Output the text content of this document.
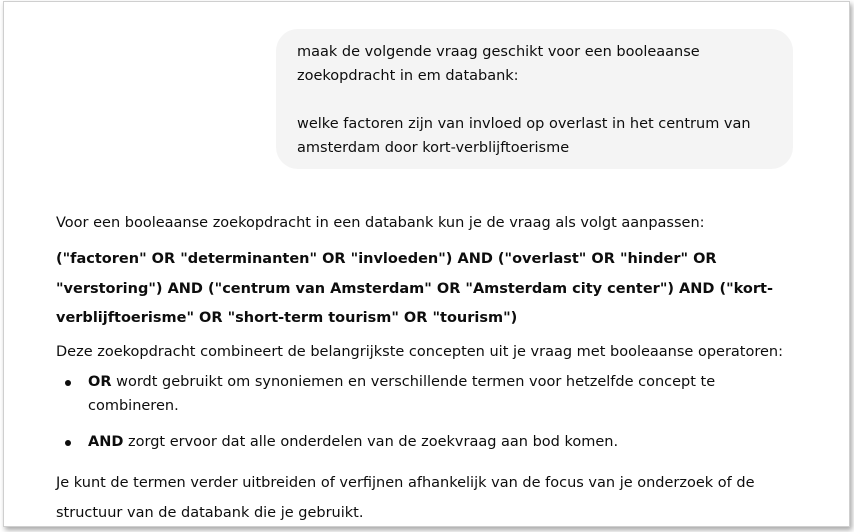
maak de volgende vraag geschikt voor een booleaanse zoekopdracht in em databank:

welke factoren zijn van invloed op overlast in het centrum van amsterdam door kort-verblijftoerisme

Voor een booleaanse zoekopdracht in een databank kun je de vraag als volgt aanpassen:

("factoren" OR "determinanten" OR "invloeden") AND ("overlast" OR "hinder" OR "verstoring") AND ("centrum van Amsterdam" OR "Amsterdam city center") AND ("kort-verblijftoerisme" OR "short-term tourism" OR "tourism")

Deze zoekopdracht combineert de belangrijkste concepten uit je vraag met booleaanse operatoren:

OR wordt gebruikt om synoniemen en verschillende termen voor hetzelfde concept te combineren.
AND zorgt ervoor dat alle onderdelen van de zoekvraag aan bod komen.

Je kunt de termen verder uitbreiden of verfijnen afhankelijk van de focus van je onderzoek of de structuur van de databank die je gebruikt.
